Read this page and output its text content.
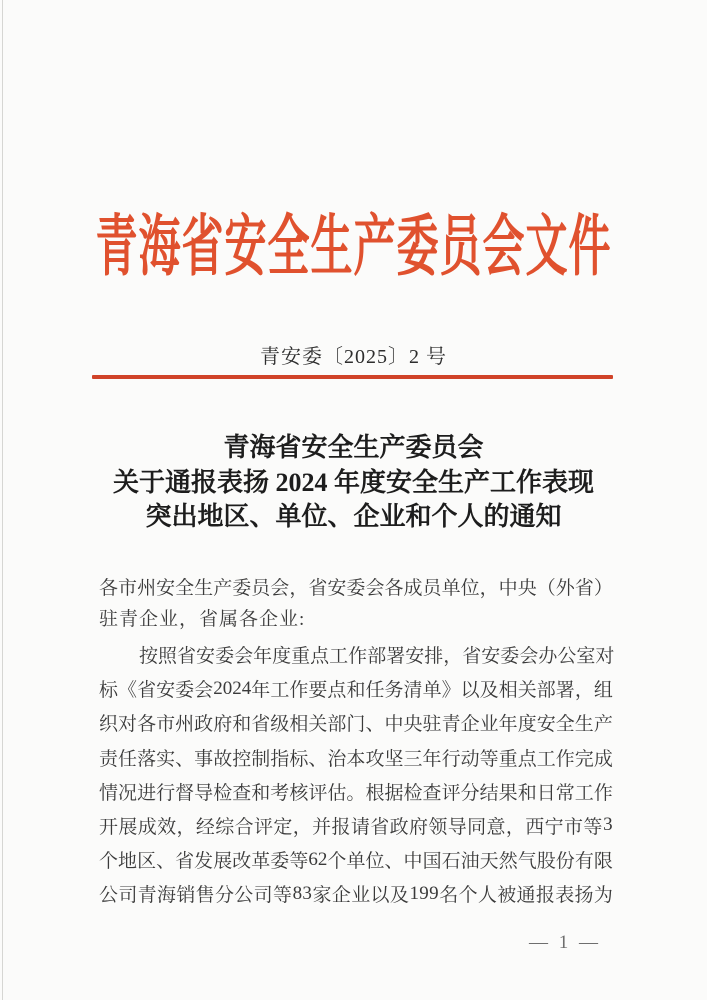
青海省安全生产委员会文件
青安委〔2025〕2 号
青海省安全生产委员会
关于通报表扬 2024 年度安全生产工作表现
突出地区、单位、企业和个人的通知
各 市 州 安 全 生 产 委 员 会 ， 省 安 委 会 各 成 员 单 位 ， 中 央 （ 外 省 ）
驻青企业，省属各企业:
按 照 省 安 委 会 年 度 重 点 工 作 部 署 安 排 ， 省 安 委 会 办 公 室 对
标 《 省 安 委 会 2 0 2 4 年 工 作 要 点 和 任 务 清 单 》 以 及 相 关 部 署 ， 组
织 对 各 市 州 政 府 和 省 级 相 关 部 门 、 中 央 驻 青 企 业 年 度 安 全 生 产
责 任 落 实 、 事 故 控 制 指 标 、 治 本 攻 坚 三 年 行 动 等 重 点 工 作 完 成
情 况 进 行 督 导 检 查 和 考 核 评 估 。 根 据 检 查 评 分 结 果 和 日 常 工 作
开 展 成 效 ， 经 综 合 评 定 ， 并 报 请 省 政 府 领 导 同 意 ， 西 宁 市 等 3
个 地 区 、 省 发 展 改 革 委 等 6 2 个 单 位 、 中 国 石 油 天 然 气 股 份 有 限
公 司 青 海 销 售 分 公 司 等 8 3 家 企 业 以 及 1 9 9 名 个 人 被 通 报 表 扬 为
— 1 —
